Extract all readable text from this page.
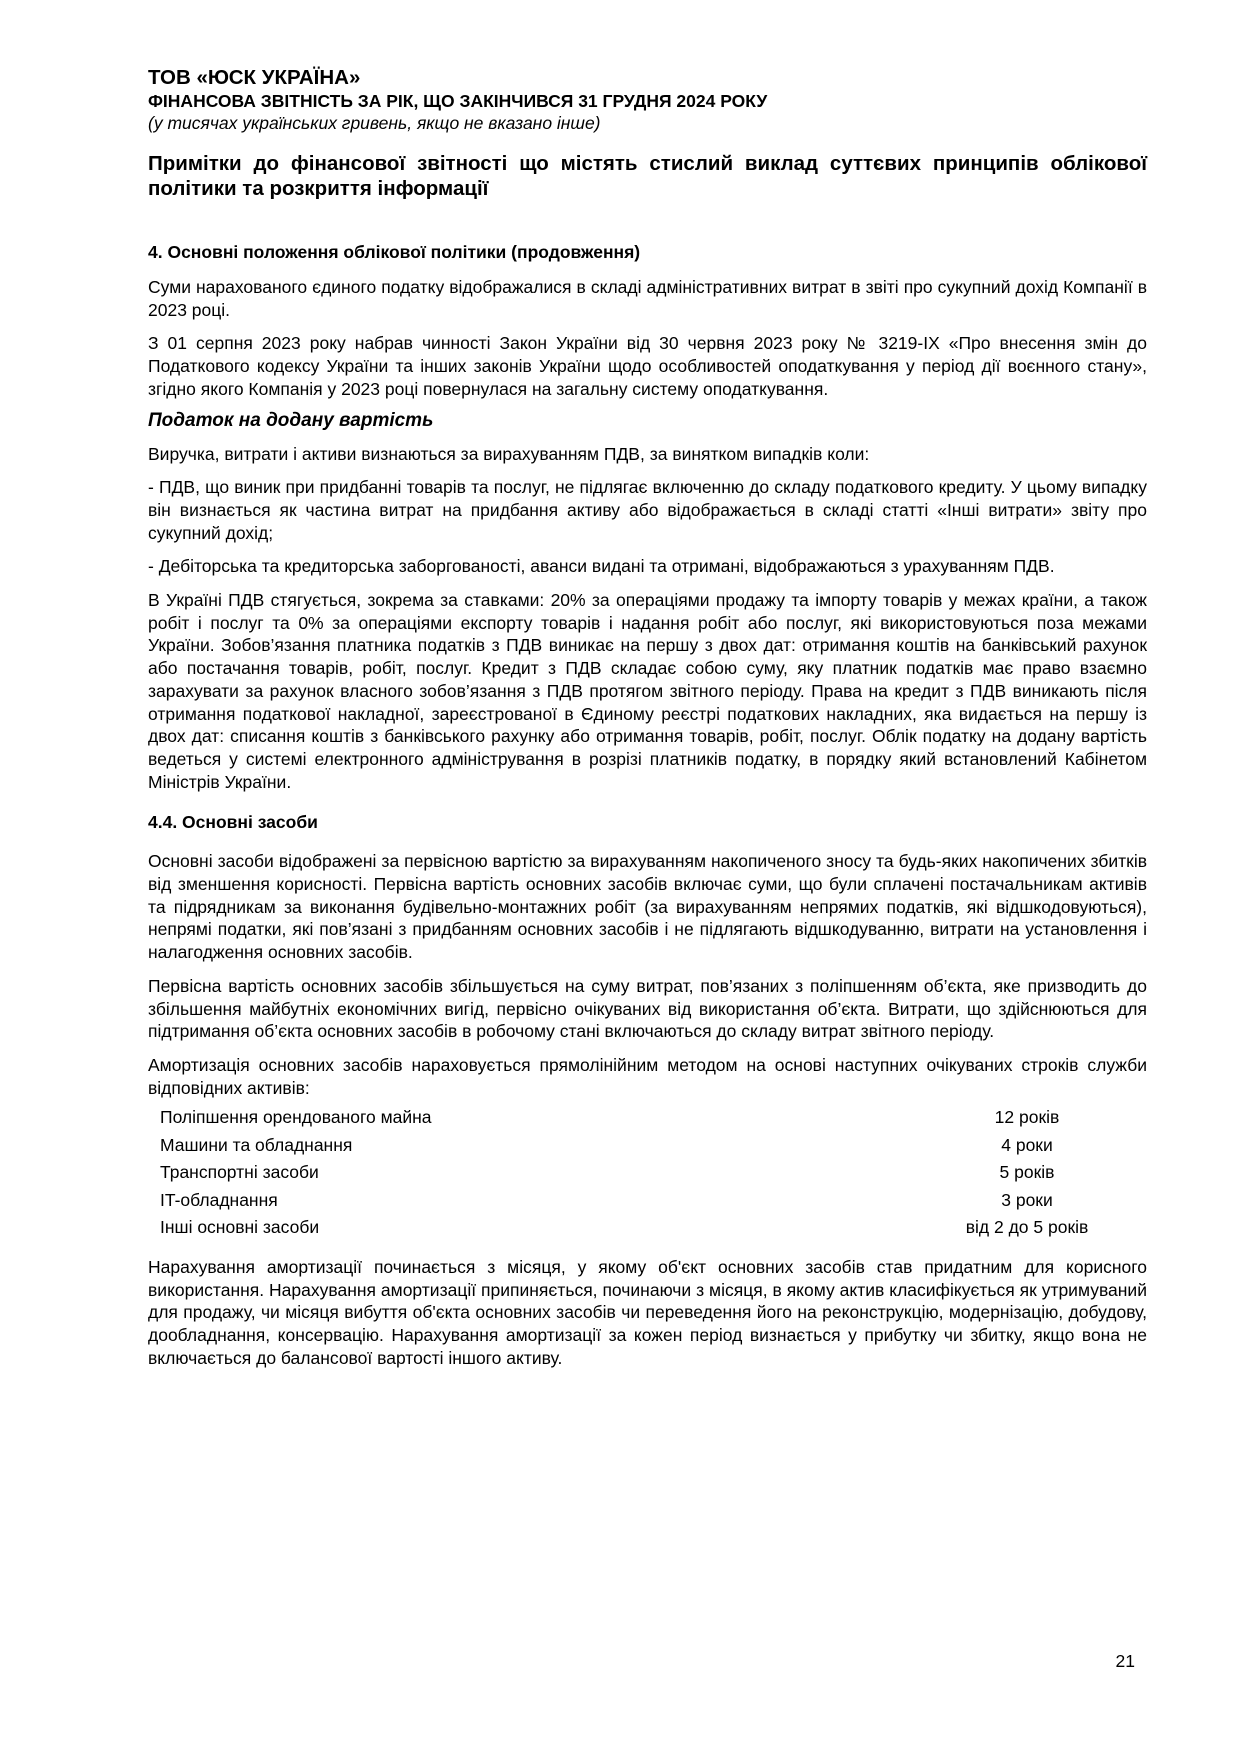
ТОВ «ЮСК УКРАЇНА»
ФІНАНСОВА ЗВІТНІСТЬ ЗА РІК, ЩО ЗАКІНЧИВСЯ 31 ГРУДНЯ 2024 РОКУ
(у тисячах українських гривень, якщо не вказано інше)
Примітки до фінансової звітності що містять стислий виклад суттєвих принципів облікової політики та розкриття інформації
4. Основні положення облікової політики (продовження)

Суми нарахованого єдиного податку відображалися в складі адміністративних витрат в звіті про сукупний дохід Компанії в 2023 році.

З 01 серпня 2023 року набрав чинності Закон України від 30 червня 2023 року № 3219-IX «Про внесення змін до Податкового кодексу України та інших законів України щодо особливостей оподаткування у період дії воєнного стану», згідно якого Компанія у 2023 році повернулася на загальну систему оподаткування.

Податок на додану вартість

Виручка, витрати і активи визнаються за вирахуванням ПДВ, за винятком випадків коли:

- ПДВ, що виник при придбанні товарів та послуг, не підлягає включенню до складу податкового кредиту. У цьому випадку він визнається як частина витрат на придбання активу або відображається в складі статті «Інші витрати» звіту про сукупний дохід;

- Дебіторська та кредиторська заборгованості, аванси видані та отримані, відображаються з урахуванням ПДВ.

В Україні ПДВ стягується, зокрема за ставками: 20% за операціями продажу та імпорту товарів у межах країни, а також робіт і послуг та 0% за операціями експорту товарів і надання робіт або послуг, які використовуються поза межами України. Зобов’язання платника податків з ПДВ виникає на першу з двох дат: отримання коштів на банківський рахунок або постачання товарів, робіт, послуг. Кредит з ПДВ складає собою суму, яку платник податків має право взаємно зарахувати за рахунок власного зобов’язання з ПДВ протягом звітного періоду. Права на кредит з ПДВ виникають після отримання податкової накладної, зареєстрованої в Єдиному реєстрі податкових накладних, яка видається на першу із двох дат: списання коштів з банківського рахунку або отримання товарів, робіт, послуг. Облік податку на додану вартість ведеться у системі електронного адміністрування в розрізі платників податку, в порядку який встановлений Кабінетом Міністрів України.

4.4. Основні засоби

Основні засоби відображені за первісною вартістю за вирахуванням накопиченого зносу та будь-яких накопичених збитків від зменшення корисності. Первісна вартість основних засобів включає суми, що були сплачені постачальникам активів та підрядникам за виконання будівельно-монтажних робіт (за вирахуванням непрямих податків, які відшкодовуються), непрямі податки, які пов’язані з придбанням основних засобів і не підлягають відшкодуванню, витрати на установлення і налагодження основних засобів.

Первісна вартість основних засобів збільшується на суму витрат, пов’язаних з поліпшенням об’єкта, яке призводить до збільшення майбутніх економічних вигід, первісно очікуваних від використання об’єкта. Витрати, що здійснюються для підтримання об’єкта основних засобів в робочому стані включаються до складу витрат звітного періоду.

Амортизація основних засобів нараховується прямолінійним методом на основі наступних очікуваних строків служби відповідних активів:

Поліпшення орендованого майна	12 років
Машини та обладнання	4 роки
Транспортні засоби	5 років
IT-обладнання	3 роки
Інші основні засоби	від 2 до 5 років

Нарахування амортизації починається з місяця, у якому об'єкт основних засобів став придатним для корисного використання. Нарахування амортизації припиняється, починаючи з місяця, в якому актив класифікується як утримуваний для продажу, чи місяця вибуття об'єкта основних засобів чи переведення його на реконструкцію, модернізацію, добудову, дообладнання, консервацію. Нарахування амортизації за кожен період визнається у прибутку чи збитку, якщо вона не включається до балансової вартості іншого активу.

21
